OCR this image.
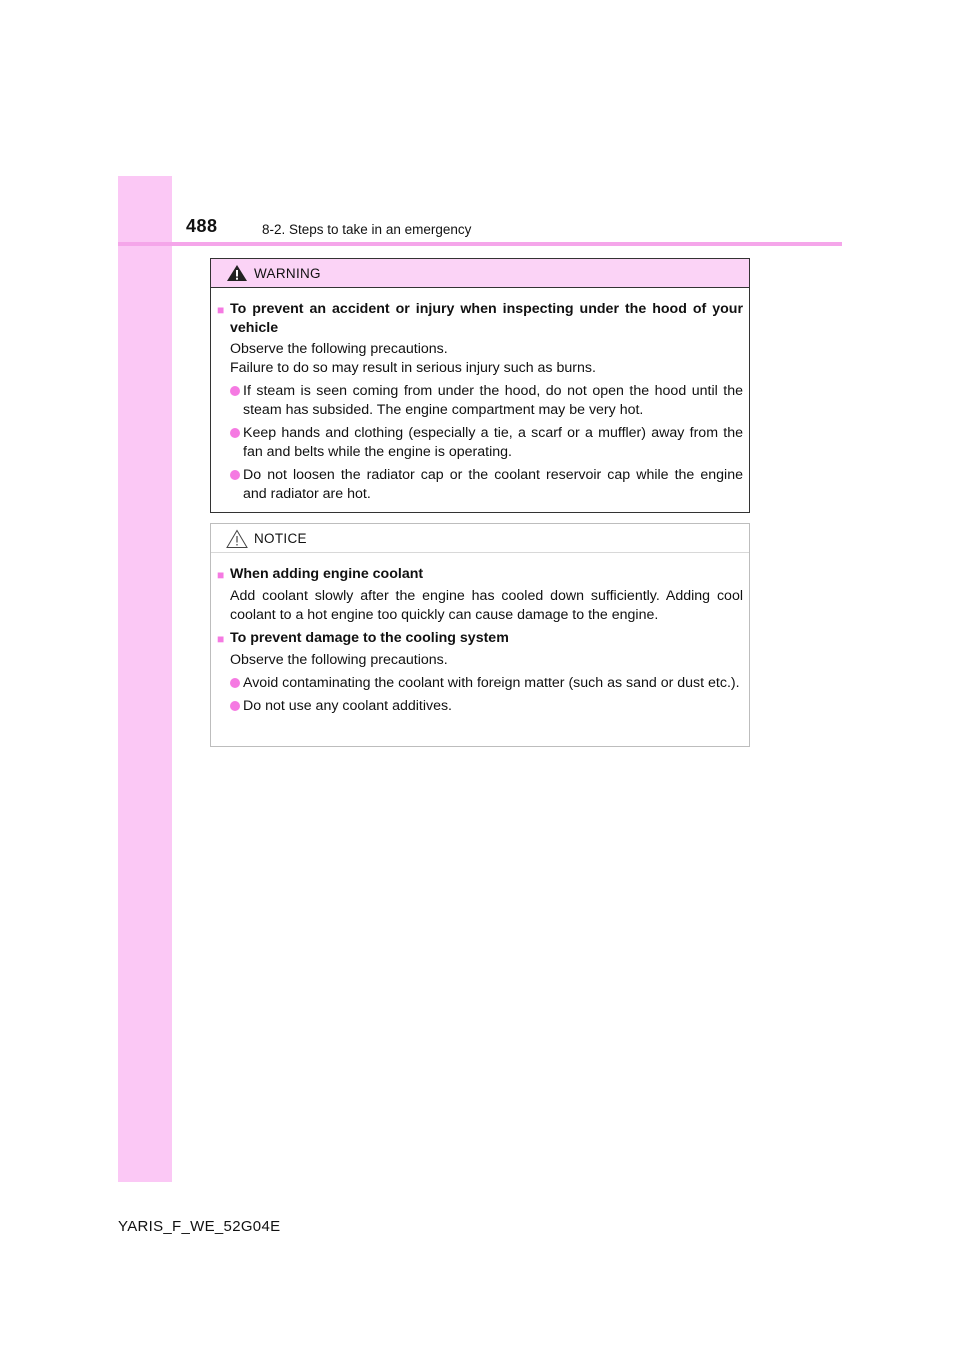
488	8-2. Steps to take in an emergency
WARNING
■ To prevent an accident or injury when inspecting under the hood of your vehicle
Observe the following precautions.
Failure to do so may result in serious injury such as burns.
If steam is seen coming from under the hood, do not open the hood until the steam has subsided. The engine compartment may be very hot.
Keep hands and clothing (especially a tie, a scarf or a muffler) away from the fan and belts while the engine is operating.
Do not loosen the radiator cap or the coolant reservoir cap while the engine and radiator are hot.
NOTICE
■ When adding engine coolant
Add coolant slowly after the engine has cooled down sufficiently. Adding cool coolant to a hot engine too quickly can cause damage to the engine.
■ To prevent damage to the cooling system
Observe the following precautions.
Avoid contaminating the coolant with foreign matter (such as sand or dust etc.).
Do not use any coolant additives.
YARIS_F_WE_52G04E
